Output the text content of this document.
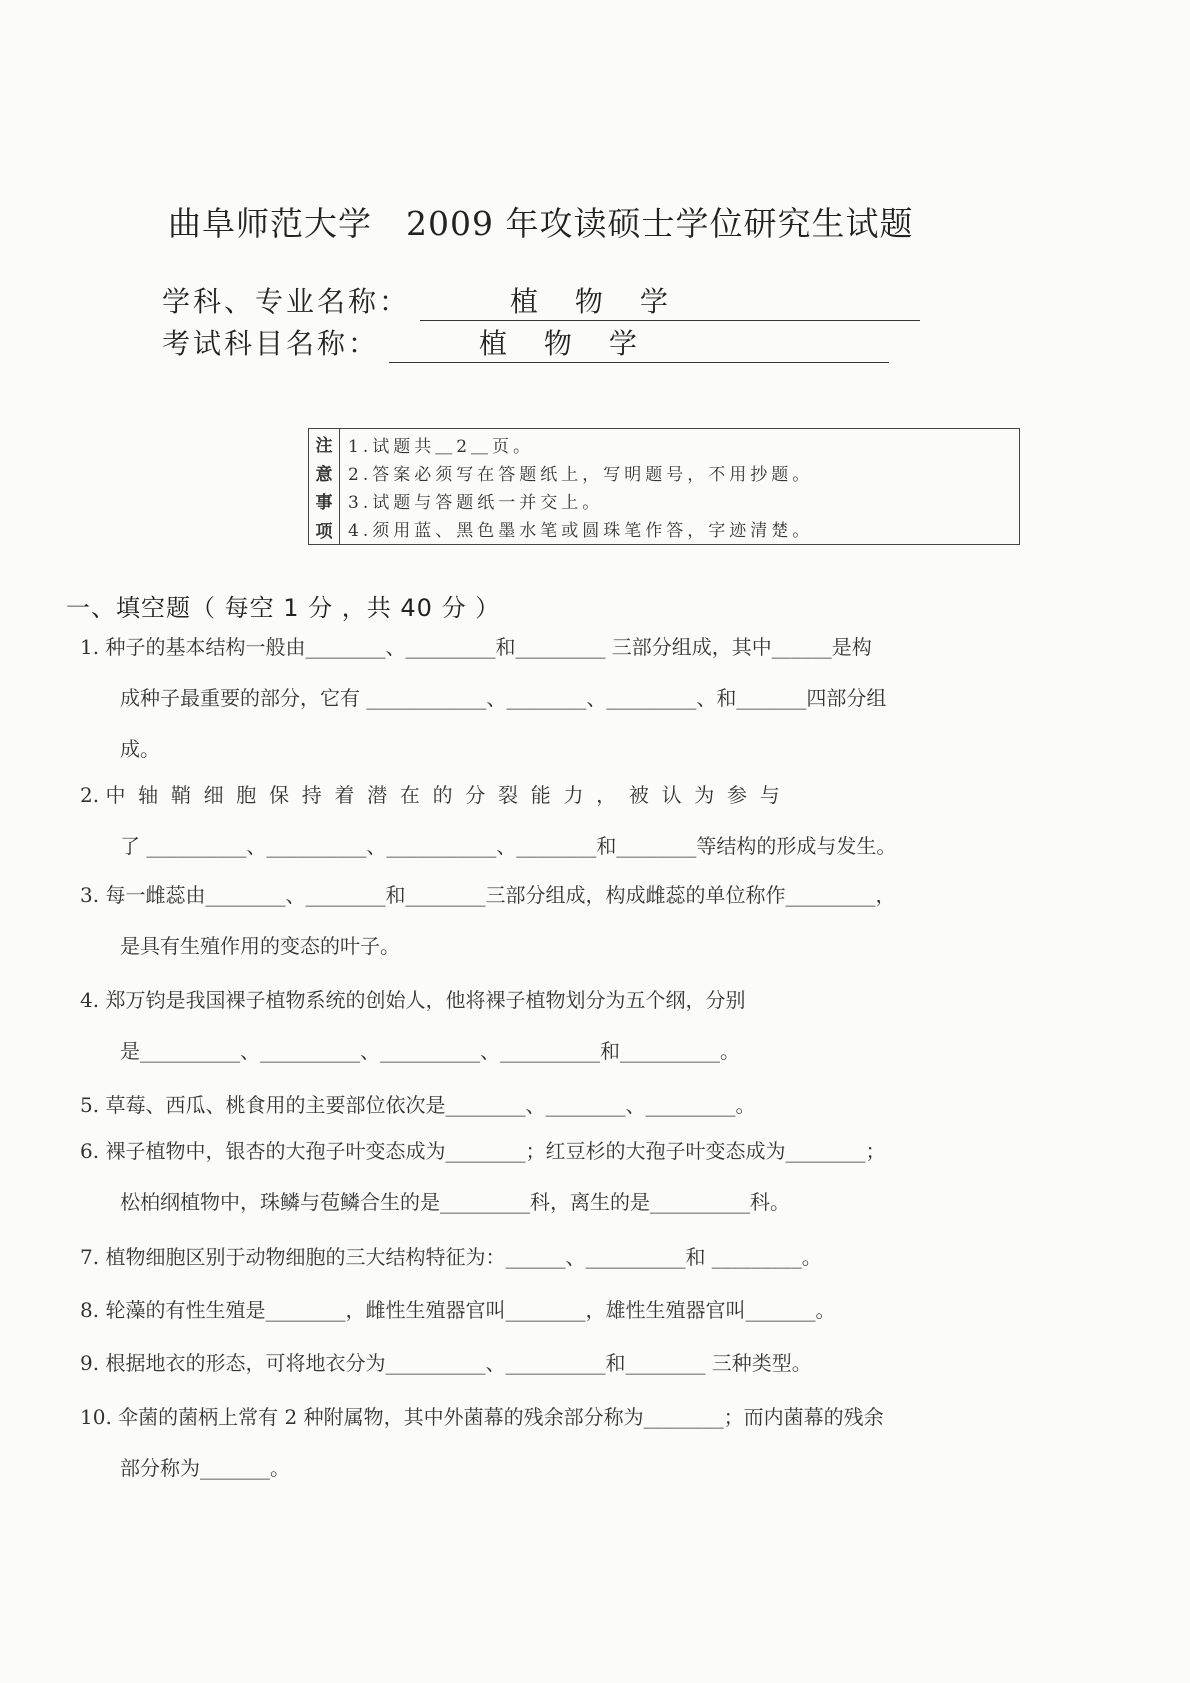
曲阜师范大学　2009 年攻读硕士学位研究生试题
学科、专业名称：	植 物 学
考试科目名称：	植 物 学
注
意
事
项
1.试题共＿2＿页。
2.答案必须写在答题纸上，写明题号，不用抄题。
3.试题与答题纸一并交上。
4.须用蓝、黑色墨水笔或圆珠笔作答，字迹清楚。
一、填空题（ 每空 1 分 ，共 40 分 ）
1. 种子的基本结构一般由________、_________和_________ 三部分组成，其中______是构
成种子最重要的部分，它有 ____________、________、_________、和_______四部分组
成。
2. 中  轴  鞘  细  胞  保  持  着  潜  在  的  分  裂  能  力  ，  被  认  为  参  与
了 __________、__________、___________、________和________等结构的形成与发生。
3. 每一雌蕊由________、________和________三部分组成，构成雌蕊的单位称作_________，
是具有生殖作用的变态的叶子。
4. 郑万钧是我国裸子植物系统的创始人，他将裸子植物划分为五个纲，分别
是__________、__________、__________、__________和__________。
5. 草莓、西瓜、桃食用的主要部位依次是________、________、_________。
6. 裸子植物中，银杏的大孢子叶变态成为________；红豆杉的大孢子叶变态成为________；
松柏纲植物中，珠鳞与苞鳞合生的是_________科，离生的是__________科。
7. 植物细胞区别于动物细胞的三大结构特征为：______、__________和 _________。
8. 轮藻的有性生殖是________，雌性生殖器官叫________，雄性生殖器官叫_______。
9. 根据地衣的形态，可将地衣分为__________、__________和________ 三种类型。
10. 伞菌的菌柄上常有 2 种附属物，其中外菌幕的残余部分称为________；而内菌幕的残余
部分称为_______。
